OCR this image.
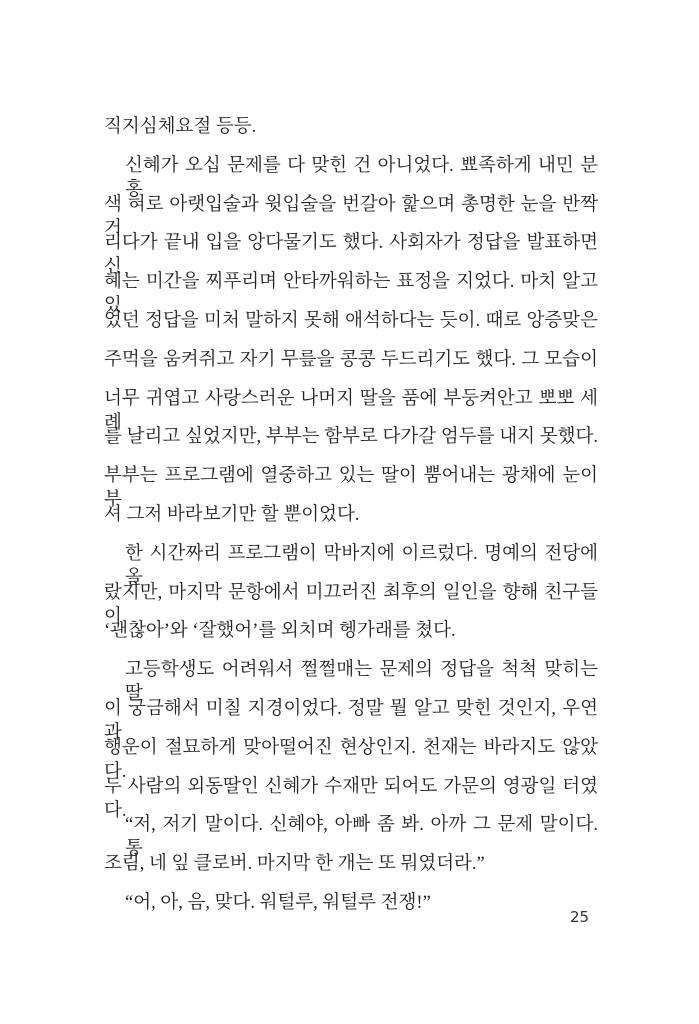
직지심체요절 등등.
신혜가 오십 문제를 다 맞힌 건 아니었다. 뾰족하게 내민 분홍
색 혀로 아랫입술과 윗입술을 번갈아 핥으며 총명한 눈을 반짝거
리다가 끝내 입을 앙다물기도 했다. 사회자가 정답을 발표하면 신
혜는 미간을 찌푸리며 안타까워하는 표정을 지었다. 마치 알고 있
었던 정답을 미처 말하지 못해 애석하다는 듯이. 때로 앙증맞은
주먹을 움켜쥐고 자기 무릎을 콩콩 두드리기도 했다. 그 모습이
너무 귀엽고 사랑스러운 나머지 딸을 품에 부둥켜안고 뽀뽀 세례
를 날리고 싶었지만, 부부는 함부로 다가갈 엄두를 내지 못했다.
부부는 프로그램에 열중하고 있는 딸이 뿜어내는 광채에 눈이 부
셔 그저 바라보기만 할 뿐이었다.
한 시간짜리 프로그램이 막바지에 이르렀다. 명예의 전당에 올
랐지만, 마지막 문항에서 미끄러진 최후의 일인을 향해 친구들이
‘괜찮아’와 ‘잘했어’를 외치며 헹가래를 쳤다.
고등학생도 어려워서 쩔쩔매는 문제의 정답을 척척 맞히는 딸
이 궁금해서 미칠 지경이었다. 정말 뭘 알고 맞힌 것인지, 우연과
행운이 절묘하게 맞아떨어진 현상인지. 천재는 바라지도 않았다.
두 사람의 외동딸인 신혜가 수재만 되어도 가문의 영광일 터였다.
“저, 저기 말이다. 신혜야, 아빠 좀 봐. 아까 그 문제 말이다. 통
조림, 네 잎 클로버. 마지막 한 개는 또 뭐였더라.”
“어, 아, 음, 맞다. 워털루, 워털루 전쟁!”
25
